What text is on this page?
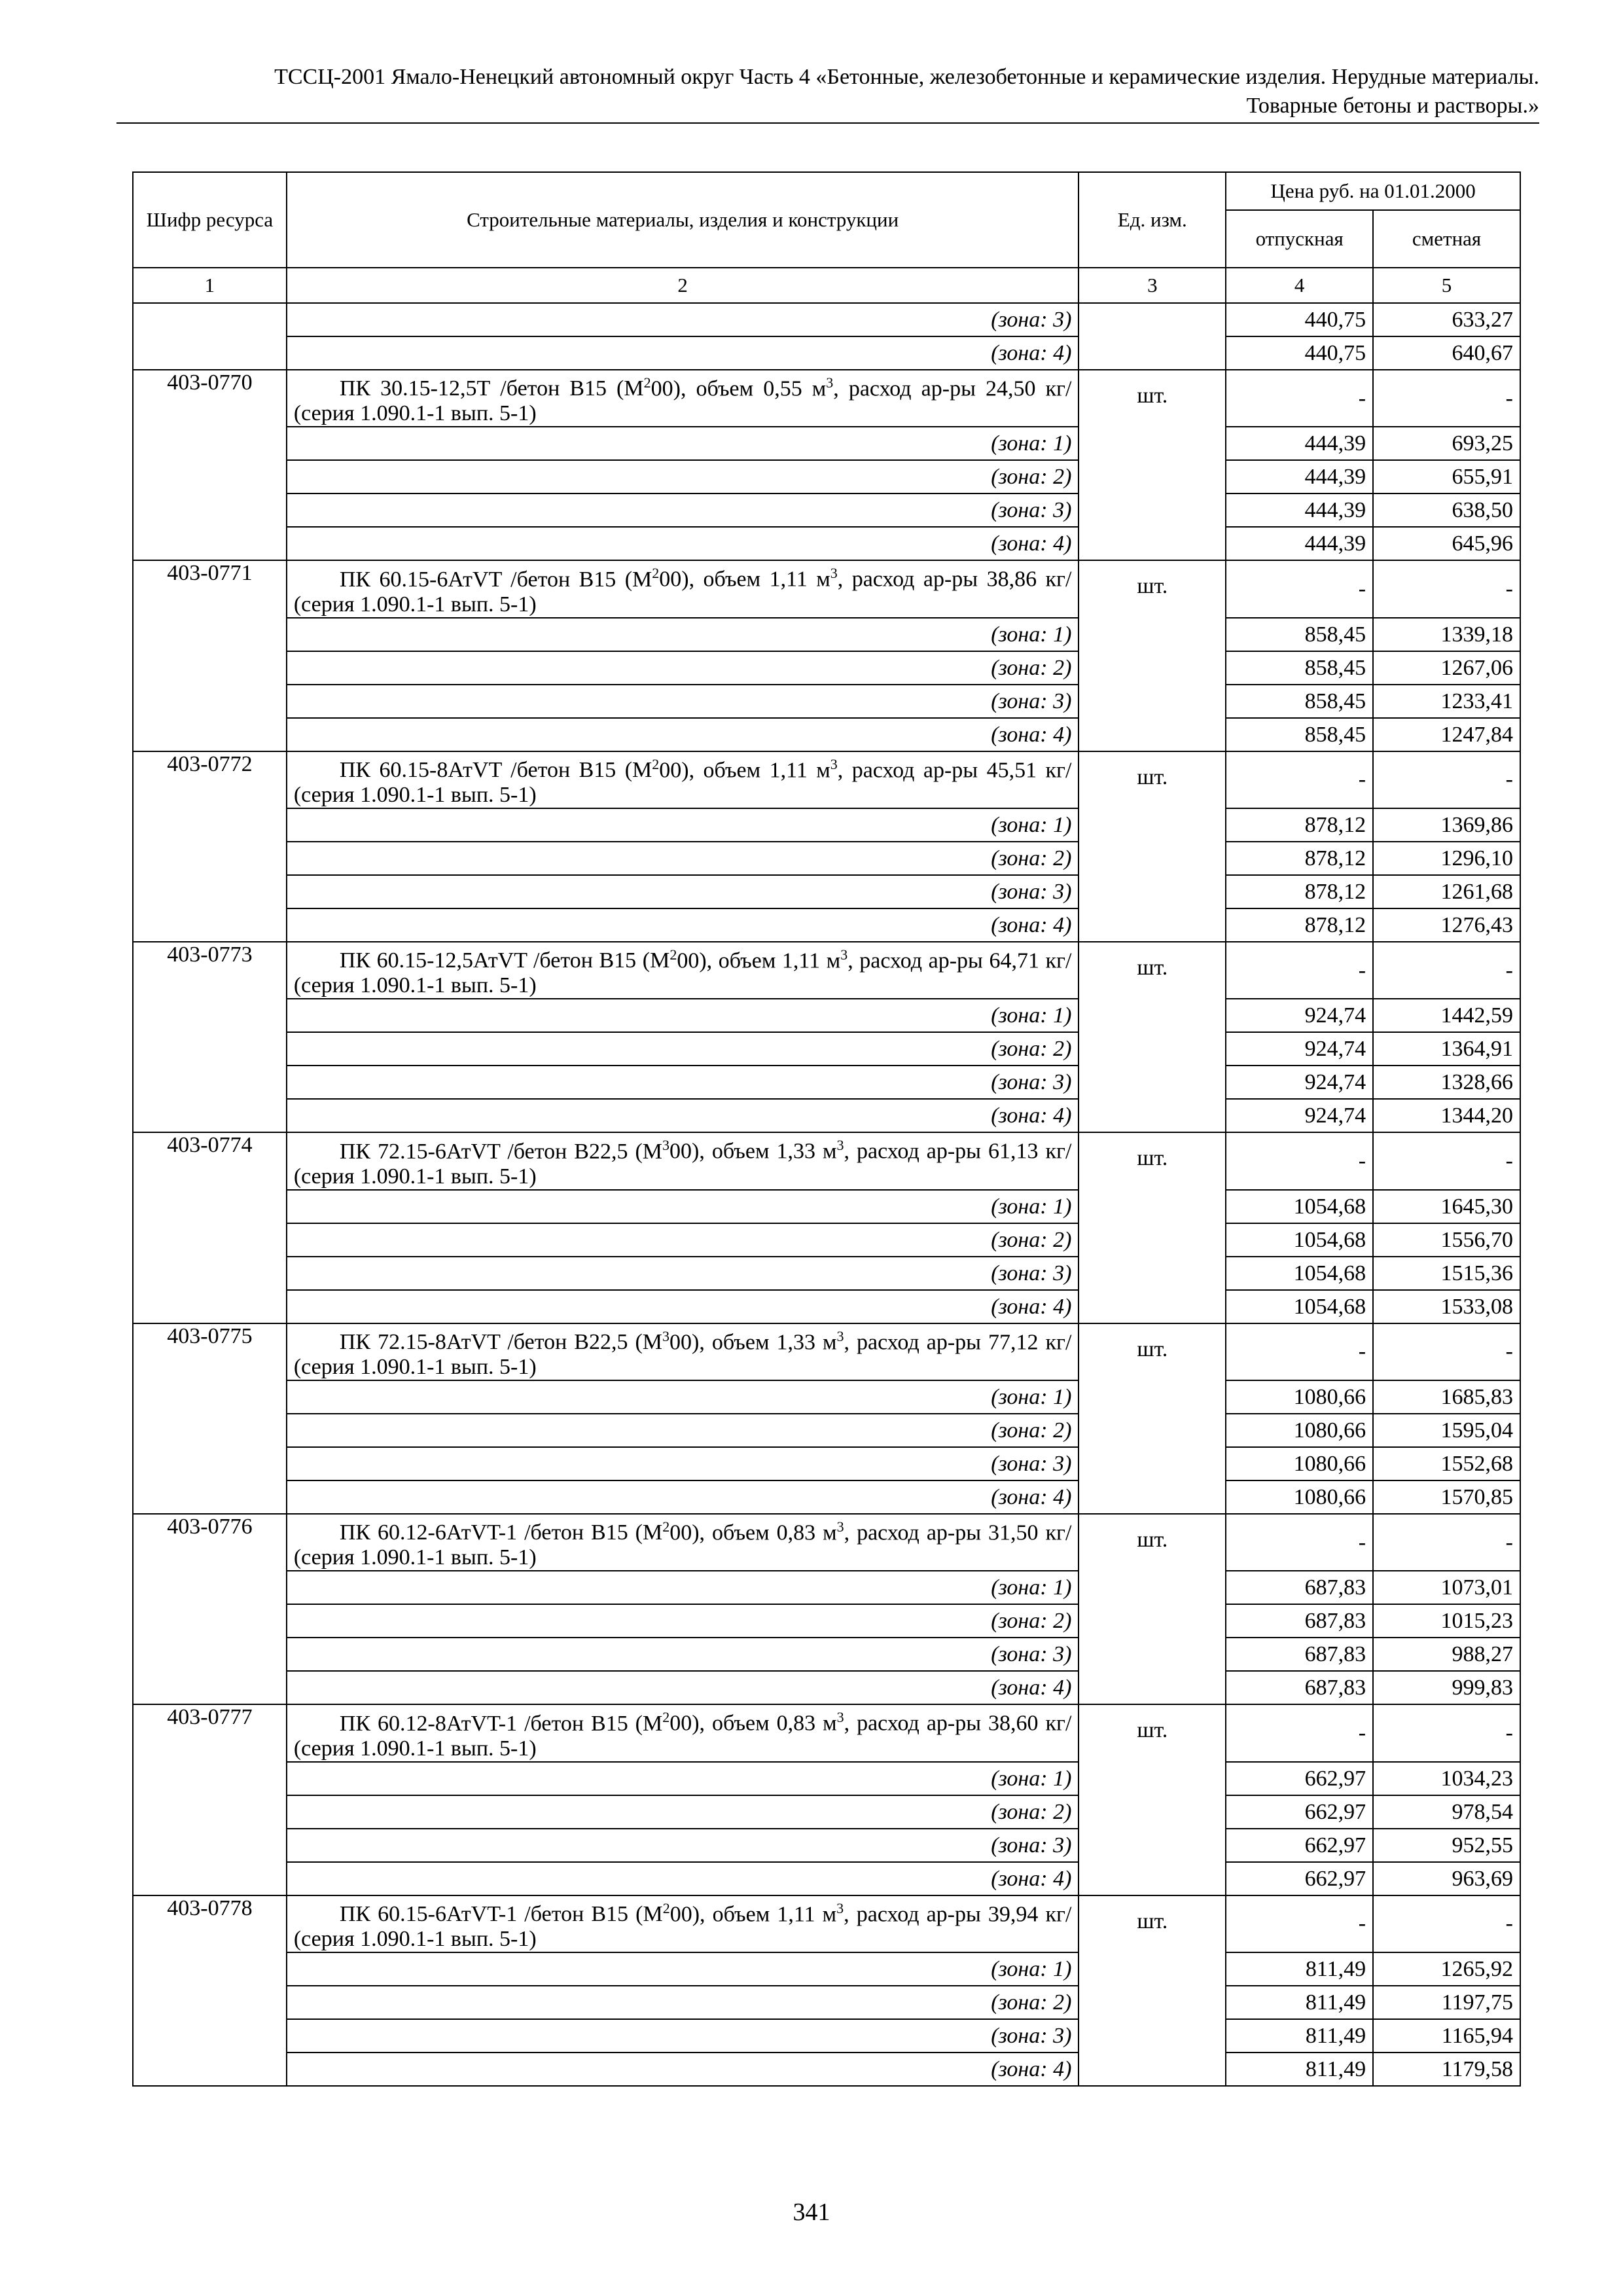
ТССЦ-2001 Ямало-Ненецкий автономный округ Часть 4 «Бетонные, железобетонные и керамические изделия. Нерудные материалы.
Товарные бетоны и растворы.»
Шифр ресурса	Строительные материалы, изделия и конструкции	Ед. изм.	Цена руб. на 01.01.2000	
			отпускная	сметная
1	2	3	4	5
	(зона: 3)		440,75	633,27
	(зона: 4)		440,75	640,67
403-0770	ПК 30.15-12,5Т /бетон В15 $(М^200)$, объем 0,55 $м^3$, расход ар-ры 24,50 кг/ (серия 1.090.1-1 вып. 5-1)	шт.	-	-
	(зона: 1)		444,39	693,25
	(зона: 2)		444,39	655,91
	(зона: 3)		444,39	638,50
	(зона: 4)		444,39	645,96
403-0771	ПК 60.15-6АтVT /бетон В15 $(М^200)$, объем 1,11 $м^3$, расход ар-ры 38,86 кг/ (серия 1.090.1-1 вып. 5-1)	шт.	-	-
	(зона: 1)		858,45	1339,18
	(зона: 2)		858,45	1267,06
	(зона: 3)		858,45	1233,41
	(зона: 4)		858,45	1247,84
403-0772	ПК 60.15-8АтVT /бетон В15 $(М^200)$, объем 1,11 $м^3$, расход ар-ры 45,51 кг/ (серия 1.090.1-1 вып. 5-1)	шт.	-	-
	(зона: 1)		878,12	1369,86
	(зона: 2)		878,12	1296,10
	(зона: 3)		878,12	1261,68
	(зона: 4)		878,12	1276,43
403-0773	ПК 60.15-12,5АтVT /бетон В15 $(М^200)$, объем 1,11 $м^3$, расход ар-ры 64,71 кг/ (серия 1.090.1-1 вып. 5-1)	шт.	-	-
	(зона: 1)		924,74	1442,59
	(зона: 2)		924,74	1364,91
	(зона: 3)		924,74	1328,66
	(зона: 4)		924,74	1344,20
403-0774	ПК 72.15-6АтVT /бетон В22,5 $(М^300)$, объем 1,33 $м^3$, расход ар-ры 61,13 кг/ (серия 1.090.1-1 вып. 5-1)	шт.	-	-
	(зона: 1)		1054,68	1645,30
	(зона: 2)		1054,68	1556,70
	(зона: 3)		1054,68	1515,36
	(зона: 4)		1054,68	1533,08
403-0775	ПК 72.15-8АтVT /бетон В22,5 $(М^300)$, объем 1,33 $м^3$, расход ар-ры 77,12 кг/ (серия 1.090.1-1 вып. 5-1)	шт.	-	-
	(зона: 1)		1080,66	1685,83
	(зона: 2)		1080,66	1595,04
	(зона: 3)		1080,66	1552,68
	(зона: 4)		1080,66	1570,85
403-0776	ПК 60.12-6АтVT-1 /бетон В15 $(М^200)$, объем 0,83 $м^3$, расход ар-ры 31,50 кг/ (серия 1.090.1-1 вып. 5-1)	шт.	-	-
	(зона: 1)		687,83	1073,01
	(зона: 2)		687,83	1015,23
	(зона: 3)		687,83	988,27
	(зона: 4)		687,83	999,83
403-0777	ПК 60.12-8АтVT-1 /бетон В15 $(М^200)$, объем 0,83 $м^3$, расход ар-ры 38,60 кг/ (серия 1.090.1-1 вып. 5-1)	шт.	-	-
	(зона: 1)		662,97	1034,23
	(зона: 2)		662,97	978,54
	(зона: 3)		662,97	952,55
	(зона: 4)		662,97	963,69
403-0778	ПК 60.15-6АтVT-1 /бетон В15 $(М^200)$, объем 1,11 $м^3$, расход ар-ры 39,94 кг/ (серия 1.090.1-1 вып. 5-1)	шт.	-	-
	(зона: 1)		811,49	1265,92
	(зона: 2)		811,49	1197,75
	(зона: 3)		811,49	1165,94
	(зона: 4)		811,49	1179,58
341
